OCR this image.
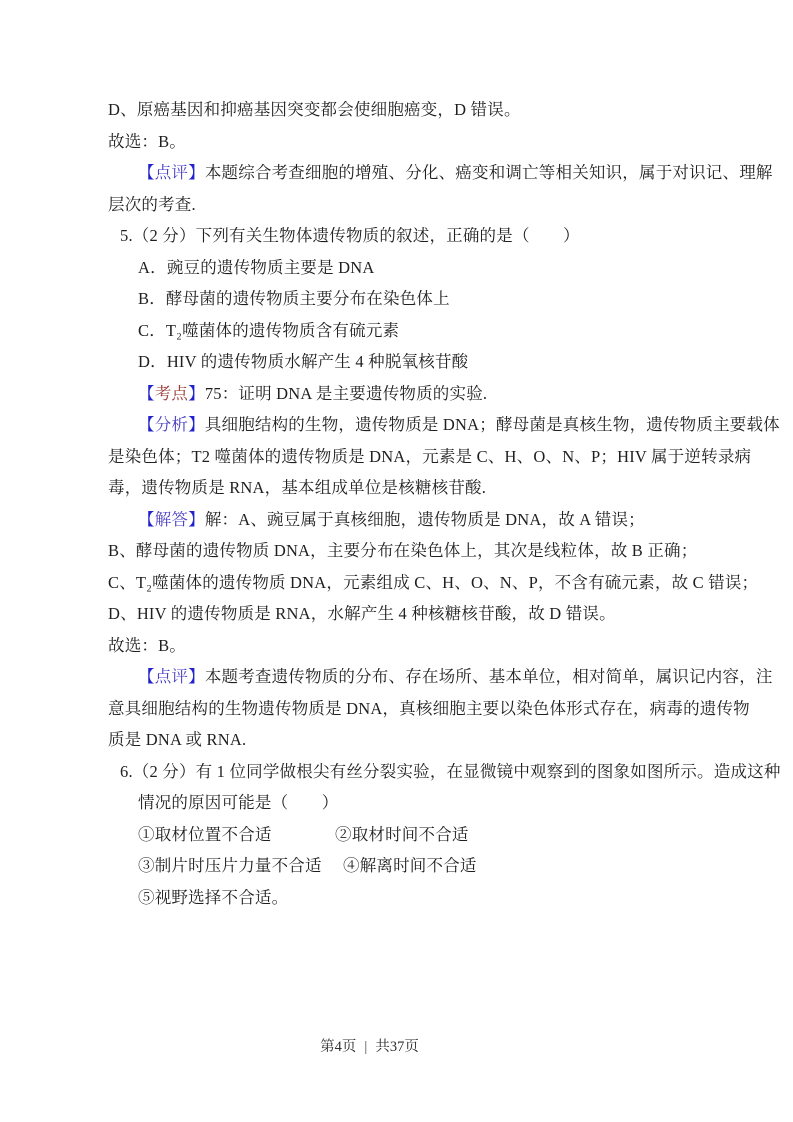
D、原癌基因和抑癌基因突变都会使细胞癌变，D 错误。
故选：B。
【点评】本题综合考查细胞的增殖、分化、癌变和调亡等相关知识，属于对识记、理解
层次的考查.
5.（2 分）下列有关生物体遗传物质的叙述，正确的是（　　）
A．豌豆的遗传物质主要是 DNA
B．酵母菌的遗传物质主要分布在染色体上
C．T₂噬菌体的遗传物质含有硫元素
D．HIV 的遗传物质水解产生 4 种脱氧核苷酸
【考点】75：证明 DNA 是主要遗传物质的实验.
【分析】具细胞结构的生物，遗传物质是 DNA；酵母菌是真核生物，遗传物质主要载体
是染色体；T2 噬菌体的遗传物质是 DNA，元素是 C、H、O、N、P；HIV 属于逆转录病
毒，遗传物质是 RNA，基本组成单位是核糖核苷酸.
【解答】解：A、豌豆属于真核细胞，遗传物质是 DNA，故 A 错误；
B、酵母菌的遗传物质 DNA，主要分布在染色体上，其次是线粒体，故 B 正确；
C、T₂噬菌体的遗传物质 DNA，元素组成 C、H、O、N、P，不含有硫元素，故 C 错误；
D、HIV 的遗传物质是 RNA，水解产生 4 种核糖核苷酸，故 D 错误。
故选：B。
【点评】本题考查遗传物质的分布、存在场所、基本单位，相对简单，属识记内容，注
意具细胞结构的生物遗传物质是 DNA，真核细胞主要以染色体形式存在，病毒的遗传物
质是 DNA 或 RNA.
6.（2 分）有 1 位同学做根尖有丝分裂实验，在显微镜中观察到的图象如图所示。造成这种
情况的原因可能是（　　）
①取材位置不合适	②取材时间不合适
③制片时压片力量不合适 ④解离时间不合适
⑤视野选择不合适。
第4页 | 共37页
